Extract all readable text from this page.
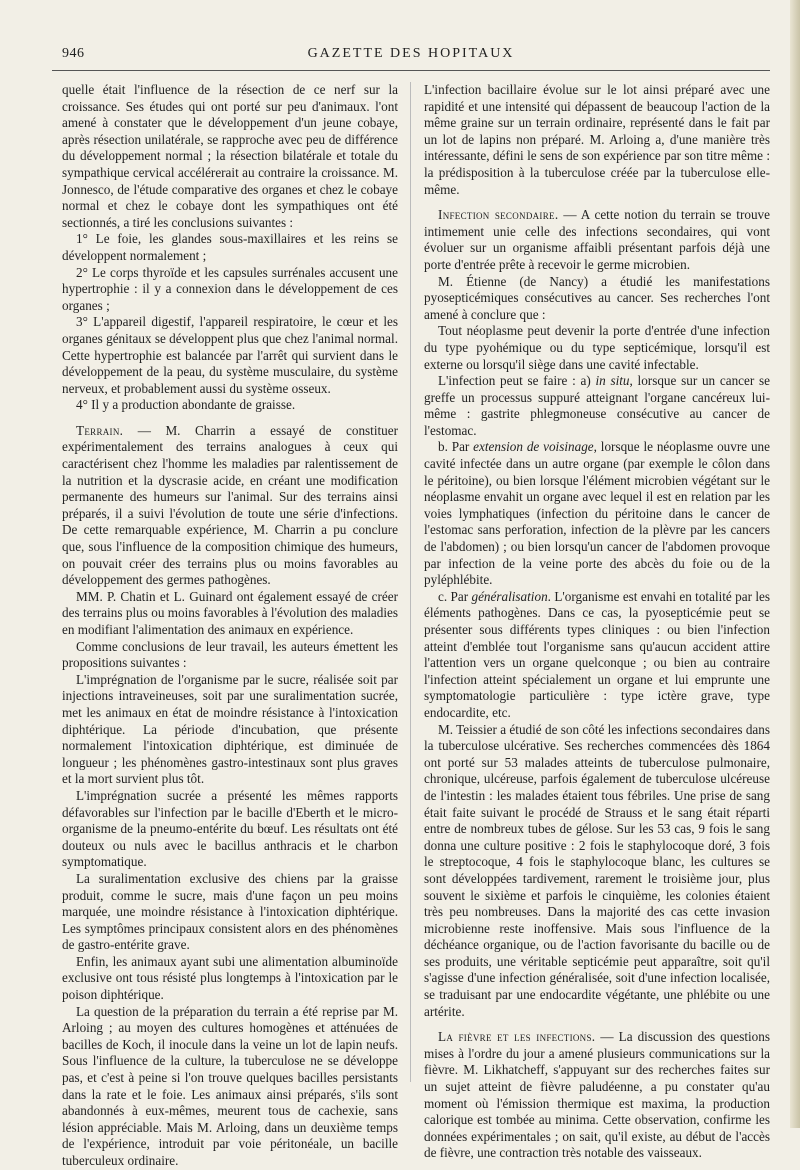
946	GAZETTE DES HOPITAUX

quelle était l'influence de la résection de ce nerf sur la croissance. Ses études qui ont porté sur peu d'animaux. l'ont amené à constater que le développement d'un jeune cobaye, après résection unilatérale, se rapproche avec peu de différence du développement normal ; la résection bilatérale et totale du sympathique cervical accélérerait au contraire la croissance. M. Jonnesco, de l'étude comparative des organes et chez le cobaye normal et chez le cobaye dont les sympathiques ont été sectionnés, a tiré les conclusions suivantes :

1° Le foie, les glandes sous-maxillaires et les reins se développent normalement ;

2° Le corps thyroïde et les capsules surrénales accusent une hypertrophie : il y a connexion dans le développement de ces organes ;

3° L'appareil digestif, l'appareil respiratoire, le cœur et les organes génitaux se développent plus que chez l'animal normal. Cette hypertrophie est balancée par l'arrêt qui survient dans le développement de la peau, du système musculaire, du système nerveux, et probablement aussi du système osseux.

4° Il y a production abondante de graisse.

Terrain. — M. Charrin a essayé de constituer expérimentalement des terrains analogues à ceux qui caractérisent chez l'homme les maladies par ralentissement de la nutrition et la dyscrasie acide, en créant une modification permanente des humeurs sur l'animal. Sur des terrains ainsi préparés, il a suivi l'évolution de toute une série d'infections. De cette remarquable expérience, M. Charrin a pu conclure que, sous l'influence de la composition chimique des humeurs, on pouvait créer des terrains plus ou moins favorables au développement des germes pathogènes.

MM. P. Chatin et L. Guinard ont également essayé de créer des terrains plus ou moins favorables à l'évolution des maladies en modifiant l'alimentation des animaux en expérience.

Comme conclusions de leur travail, les auteurs émettent les propositions suivantes :

L'imprégnation de l'organisme par le sucre, réalisée soit par injections intraveineuses, soit par une suralimentation sucrée, met les animaux en état de moindre résistance à l'intoxication diphtérique. La période d'incubation, que présente normalement l'intoxication diphtérique, est diminuée de longueur ; les phénomènes gastro-intestinaux sont plus graves et la mort survient plus tôt.

L'imprégnation sucrée a présenté les mêmes rapports défavorables sur l'infection par le bacille d'Eberth et le micro-organisme de la pneumo-entérite du bœuf. Les résultats ont été douteux ou nuls avec le bacillus anthracis et le charbon symptomatique.

La suralimentation exclusive des chiens par la graisse produit, comme le sucre, mais d'une façon un peu moins marquée, une moindre résistance à l'intoxication diphtérique. Les symptômes principaux consistent alors en des phénomènes de gastro-entérite grave.

Enfin, les animaux ayant subi une alimentation albuminoïde exclusive ont tous résisté plus longtemps à l'intoxication par le poison diphtérique.

La question de la préparation du terrain a été reprise par M. Arloing ; au moyen des cultures homogènes et atténuées de bacilles de Koch, il inocule dans la veine un lot de lapin neufs. Sous l'influence de la culture, la tuberculose ne se développe pas, et c'est à peine si l'on trouve quelques bacilles persistants dans la rate et le foie. Les animaux ainsi préparés, s'ils sont abandonnés à eux-mêmes, meurent tous de cachexie, sans lésion appréciable. Mais M. Arloing, dans un deuxième temps de l'expérience, introduit par voie péritonéale, un bacille tuberculeux ordinaire.

L'infection bacillaire évolue sur le lot ainsi préparé avec une rapidité et une intensité qui dépassent de beaucoup l'action de la même graine sur un terrain ordinaire, représenté dans le fait par un lot de lapins non préparé. M. Arloing a, d'une manière très intéressante, défini le sens de son expérience par son titre même : la prédisposition à la tuberculose créée par la tuberculose elle-même.

Infection secondaire. — A cette notion du terrain se trouve intimement unie celle des infections secondaires, qui vont évoluer sur un organisme affaibli présentant parfois déjà une porte d'entrée prête à recevoir le germe microbien.

M. Étienne (de Nancy) a étudié les manifestations pyosepticémiques consécutives au cancer. Ses recherches l'ont amené à conclure que :

Tout néoplasme peut devenir la porte d'entrée d'une infection du type pyohémique ou du type septicémique, lorsqu'il est externe ou lorsqu'il siège dans une cavité infectable.

L'infection peut se faire : a) in situ, lorsque sur un cancer se greffe un processus suppuré atteignant l'organe cancéreux lui-même : gastrite phlegmoneuse consécutive au cancer de l'estomac.

b. Par extension de voisinage, lorsque le néoplasme ouvre une cavité infectée dans un autre organe (par exemple le côlon dans le péritoine), ou bien lorsque l'élément microbien végétant sur le néoplasme envahit un organe avec lequel il est en relation par les voies lymphatiques (infection du péritoine dans le cancer de l'estomac sans perforation, infection de la plèvre par les cancers de l'abdomen) ; ou bien lorsqu'un cancer de l'abdomen provoque par infection de la veine porte des abcès du foie ou de la pyléphlébite.

c. Par généralisation. L'organisme est envahi en totalité par les éléments pathogènes. Dans ce cas, la pyosepticémie peut se présenter sous différents types cliniques : ou bien l'infection atteint d'emblée tout l'organisme sans qu'aucun accident attire l'attention vers un organe quelconque ; ou bien au contraire l'infection atteint spécialement un organe et lui emprunte une symptomatologie particulière : type ictère grave, type endocardite, etc.

M. Teissier a étudié de son côté les infections secondaires dans la tuberculose ulcérative. Ses recherches commencées dès 1864 ont porté sur 53 malades atteints de tuberculose pulmonaire, chronique, ulcéreuse, parfois également de tuberculose ulcéreuse de l'intestin : les malades étaient tous fébriles. Une prise de sang était faite suivant le procédé de Strauss et le sang était réparti entre de nombreux tubes de gélose. Sur les 53 cas, 9 fois le sang donna une culture positive : 2 fois le staphylocoque doré, 3 fois le streptocoque, 4 fois le staphylocoque blanc, les cultures se sont développées tardivement, rarement le troisième jour, plus souvent le sixième et parfois le cinquième, les colonies étaient très peu nombreuses. Dans la majorité des cas cette invasion microbienne reste inoffensive. Mais sous l'influence de la déchéance organique, ou de l'action favorisante du bacille ou de ses produits, une véritable septicémie peut apparaître, soit qu'il s'agisse d'une infection généralisée, soit d'une infection localisée, se traduisant par une endocardite végétante, une phlébite ou une artérite.

La fièvre et les infections. — La discussion des questions mises à l'ordre du jour a amené plusieurs communications sur la fièvre. M. Likhatcheff, s'appuyant sur des recherches faites sur un sujet atteint de fièvre paludéenne, a pu constater qu'au moment où l'émission thermique est maxima, la production calorique est tombée au minima. Cette observation, confirme les données expérimentales ; on sait, qu'il existe, au début de l'accès de fièvre, une contraction très notable des vaisseaux.
